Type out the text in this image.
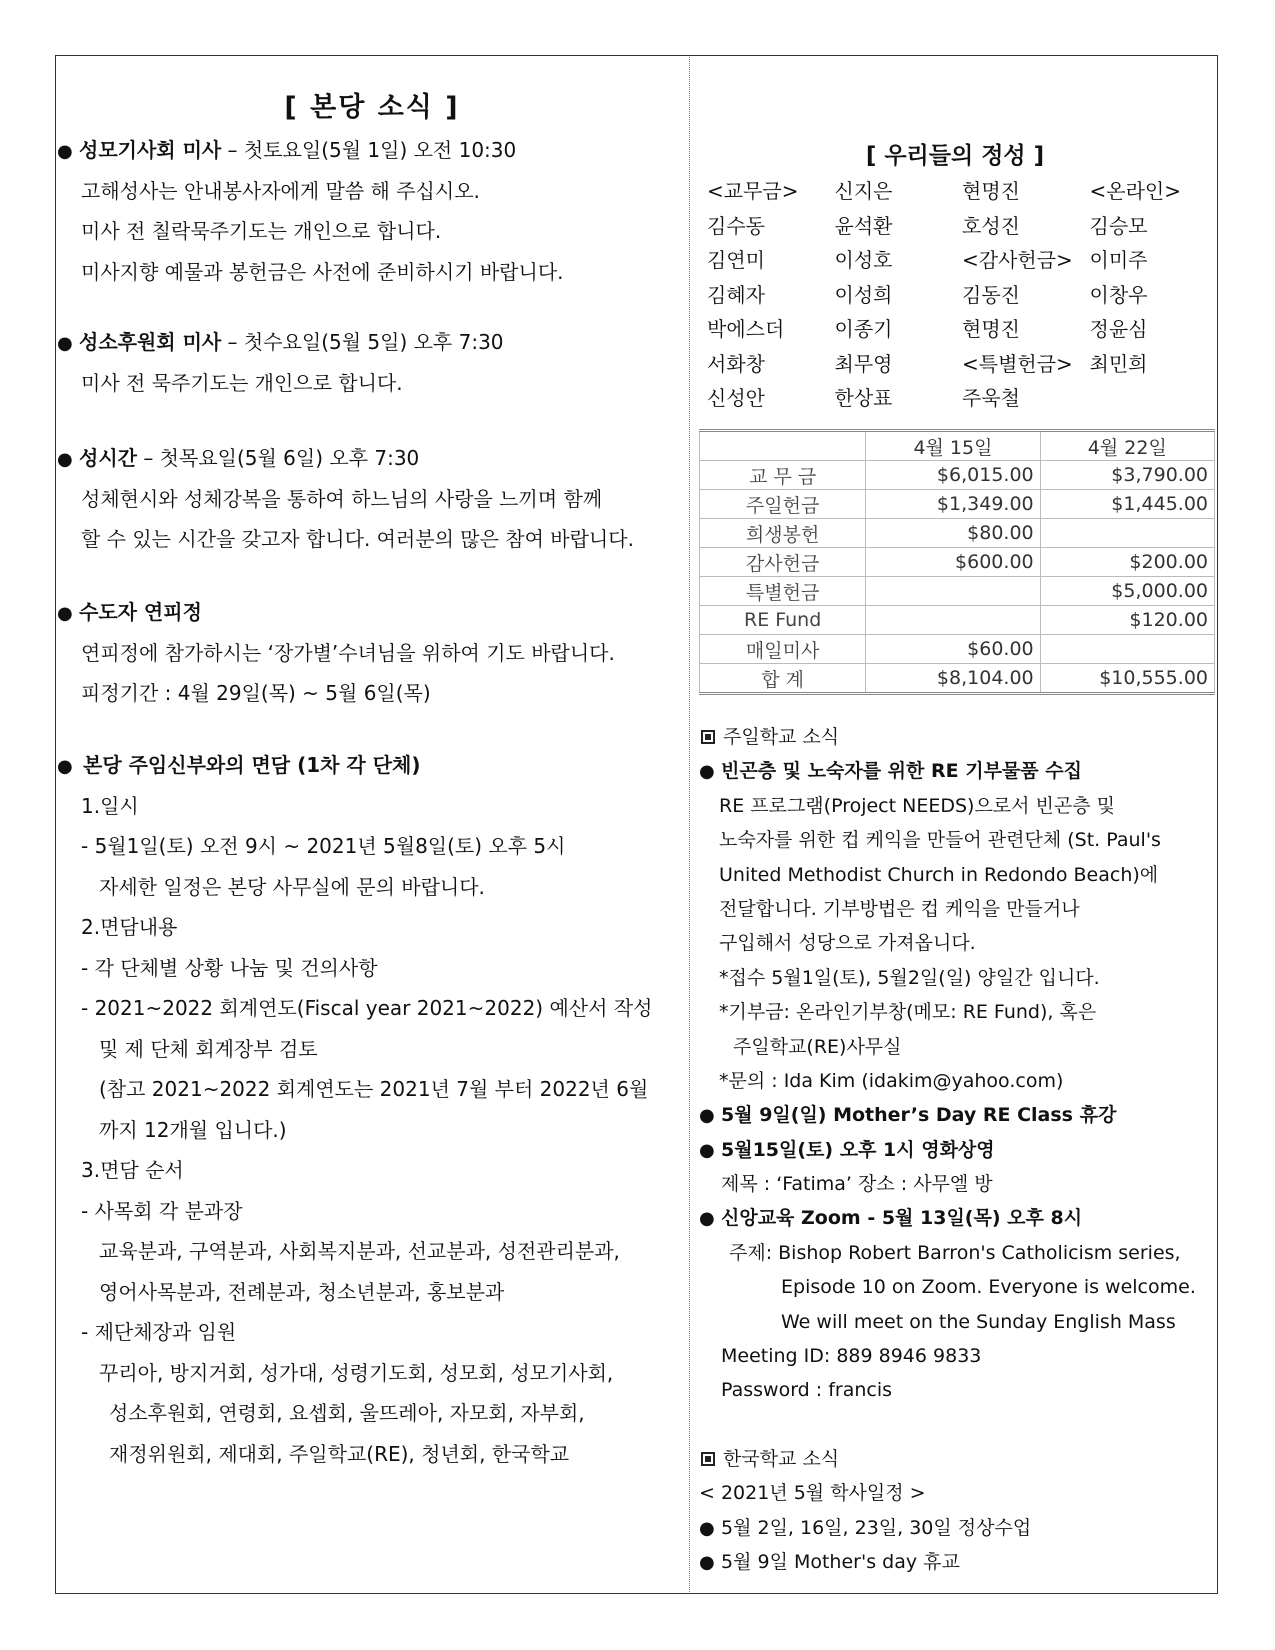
[ 본당 소식 ]
● 성모기사회 미사 – 첫토요일(5월 1일) 오전 10:30
고해성사는 안내봉사자에게 말씀 해 주십시오.
미사 전 칠락묵주기도는 개인으로 합니다.
미사지향 예물과 봉헌금은 사전에 준비하시기 바랍니다.
● 성소후원회 미사 – 첫수요일(5월 5일) 오후 7:30
미사 전 묵주기도는 개인으로 합니다.
● 성시간 – 첫목요일(5월 6일) 오후 7:30
성체현시와 성체강복을 통하여 하느님의 사랑을 느끼며 함께
할 수 있는 시간을 갖고자 합니다. 여러분의 많은 참여 바랍니다.
● 수도자 연피정
연피정에 참가하시는 ‘장가별’수녀님을 위하여 기도 바랍니다.
피정기간 : 4월 29일(목) ~ 5월 6일(목)
● 본당 주임신부와의 면담 (1차 각 단체)
1.일시
- 5월1일(토) 오전 9시 ~ 2021년 5월8일(토) 오후 5시
자세한 일정은 본당 사무실에 문의 바랍니다.
2.면담내용
- 각 단체별 상황 나눔 및 건의사항
- 2021~2022 회계연도(Fiscal year 2021~2022) 예산서 작성
및 제 단체 회계장부 검토
(참고 2021~2022 회계연도는 2021년 7월 부터 2022년 6월
까지 12개월 입니다.)
3.면담 순서
- 사목회 각 분과장
교육분과, 구역분과, 사회복지분과, 선교분과, 성전관리분과,
영어사목분과, 전례분과, 청소년분과, 홍보분과
- 제단체장과 임원
꾸리아, 방지거회, 성가대, 성령기도회, 성모회, 성모기사회,
성소후원회, 연령회, 요셉회, 울뜨레아, 자모회, 자부회,
재정위원회, 제대회, 주일학교(RE), 청년회, 한국학교
[ 우리들의 정성 ]
<교무금>	신지은	현명진	<온라인>
김수동	윤석환	호성진	김승모
김연미	이성호	<감사헌금> 이미주
김혜자	이성희	김동진	이창우
박에스더	이종기	현명진	정윤심
서화창	최무영	<특별헌금> 최민희
신성안	한상표	주욱철
	4월 15일	4월 22일
교 무 금	$6,015.00	$3,790.00
주일헌금	$1,349.00	$1,445.00
희생봉헌	$80.00	
감사헌금	$600.00	$200.00
특별헌금		$5,000.00
RE Fund		$120.00
매일미사	$60.00	
합 계	$8,104.00	$10,555.00
주일학교 소식
● 빈곤층 및 노숙자를 위한 RE 기부물품 수집
RE 프로그램(Project NEEDS)으로서 빈곤층 및
노숙자를 위한 컵 케익을 만들어 관련단체 (St. Paul's
United Methodist Church in Redondo Beach)에
전달합니다. 기부방법은 컵 케익을 만들거나
구입해서 성당으로 가져옵니다.
*접수 5월1일(토), 5월2일(일) 양일간 입니다.
*기부금: 온라인기부창(메모: RE Fund), 혹은
주일학교(RE)사무실
*문의 : Ida Kim (idakim@yahoo.com)
● 5월 9일(일) Mother’s Day RE Class 휴강
● 5월15일(토) 오후 1시 영화상영
제목 : ‘Fatima’ 장소 : 사무엘 방
● 신앙교육 Zoom - 5월 13일(목) 오후 8시
주제: Bishop Robert Barron's Catholicism series,
Episode 10 on Zoom. Everyone is welcome.
We will meet on the Sunday English Mass
Meeting ID: 889 8946 9833
Password : francis
한국학교 소식
< 2021년 5월 학사일정 >
● 5월 2일, 16일, 23일, 30일 정상수업
● 5월 9일 Mother's day 휴교
